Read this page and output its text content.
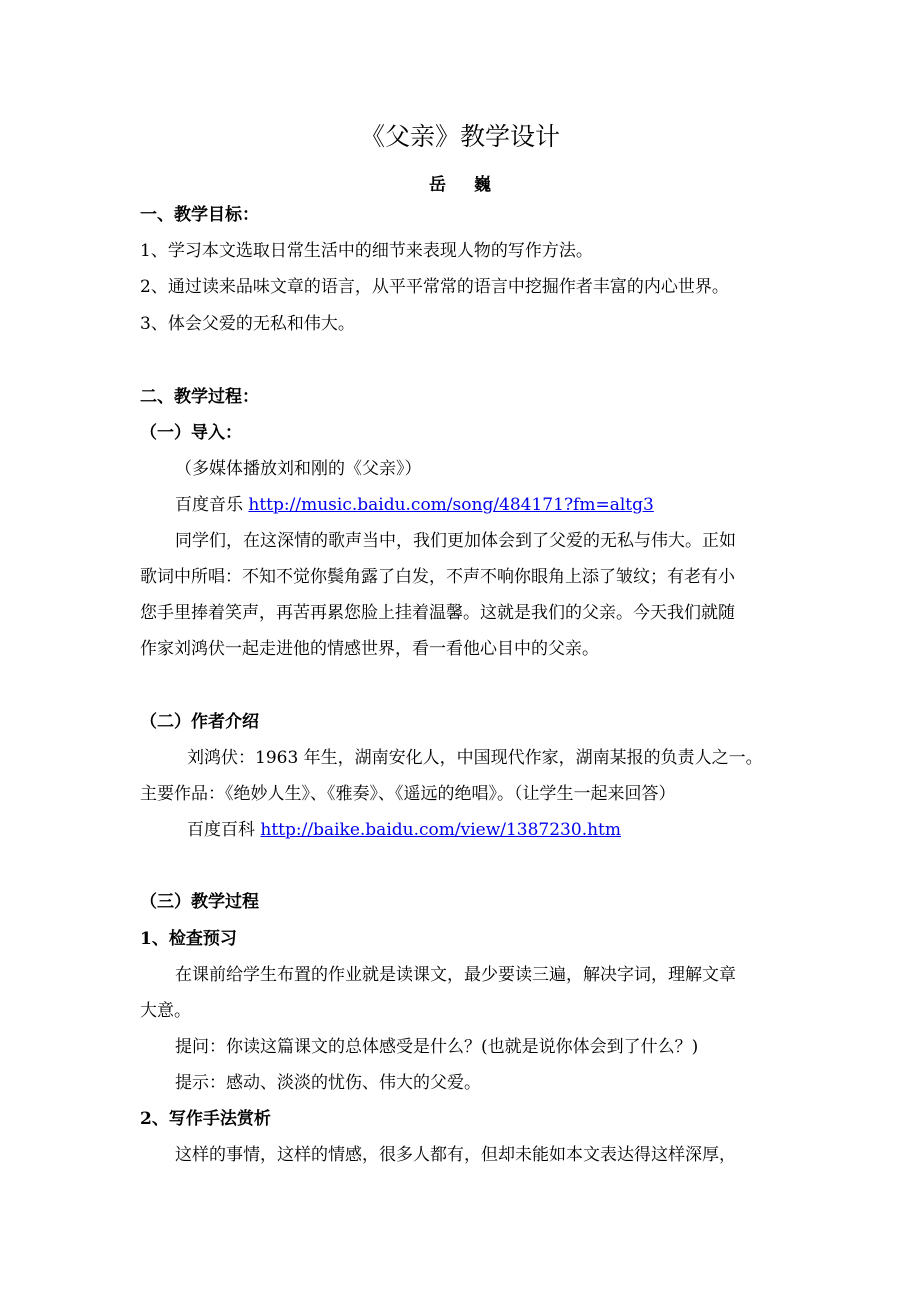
《父亲》教学设计
岳巍
一、教学目标：
1、学习本文选取日常生活中的细节来表现人物的写作方法。
2、通过读来品味文章的语言，从平平常常的语言中挖掘作者丰富的内心世界。
3、体会父爱的无私和伟大。
二、教学过程：
（一）导入：
（多媒体播放刘和刚的《父亲》）
百度音乐 http://music.baidu.com/song/484171?fm=altg3
同学们，在这深情的歌声当中，我们更加体会到了父爱的无私与伟大。正如
歌词中所唱：不知不觉你鬓角露了白发，不声不响你眼角上添了皱纹；有老有小
您手里捧着笑声，再苦再累您脸上挂着温馨。这就是我们的父亲。今天我们就随
作家刘鸿伏一起走进他的情感世界，看一看他心目中的父亲。
（二）作者介绍
刘鸿伏：1963 年生，湖南安化人，中国现代作家，湖南某报的负责人之一。
主要作品：《绝妙人生》、《雅奏》、《遥远的绝唱》。（让学生一起来回答）
百度百科 http://baike.baidu.com/view/1387230.htm
（三）教学过程
1、检查预习
在课前给学生布置的作业就是读课文，最少要读三遍，解决字词，理解文章
大意。
提问：你读这篇课文的总体感受是什么？(也就是说你体会到了什么？)
提示：感动、淡淡的忧伤、伟大的父爱。
2、写作手法赏析
这样的事情，这样的情感，很多人都有，但却未能如本文表达得这样深厚，
